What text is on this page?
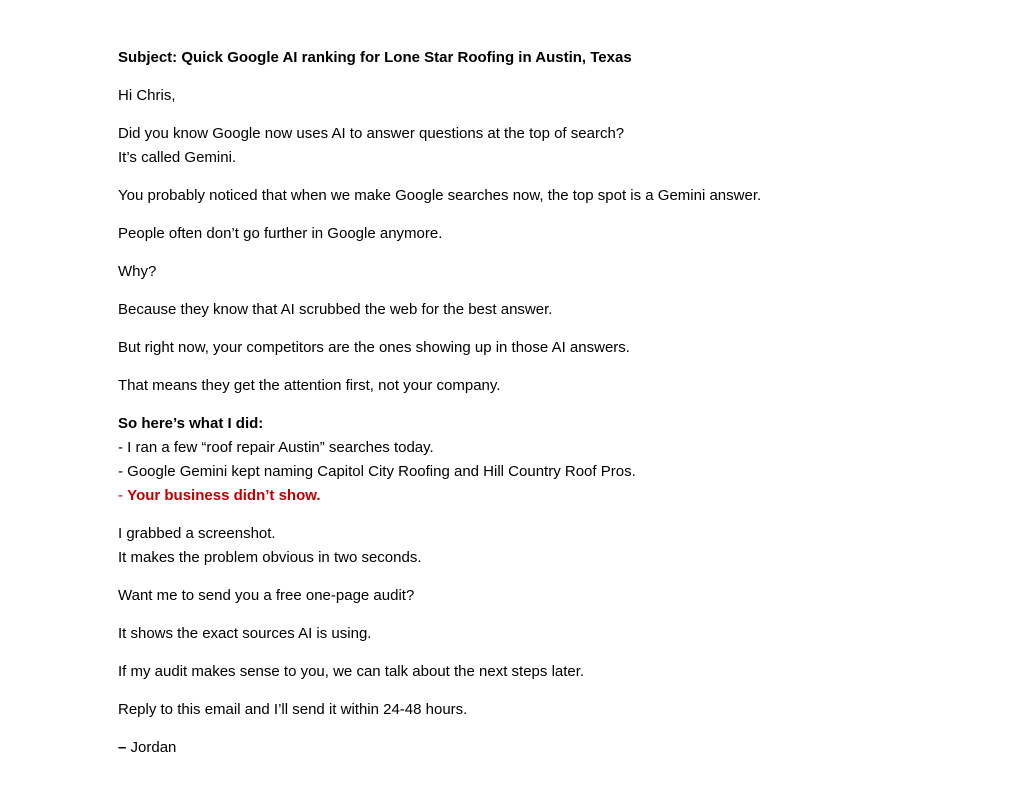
Subject: Quick Google AI ranking for Lone Star Roofing in Austin, Texas

Hi Chris,

Did you know Google now uses AI to answer questions at the top of search?
It’s called Gemini.

You probably noticed that when we make Google searches now, the top spot is a Gemini answer.

People often don’t go further in Google anymore.

Why?

Because they know that AI scrubbed the web for the best answer.

But right now, your competitors are the ones showing up in those AI answers.

That means they get the attention first, not your company.

So here’s what I did:
- I ran a few “roof repair Austin” searches today.
- Google Gemini kept naming Capitol City Roofing and Hill Country Roof Pros.
- Your business didn’t show.

I grabbed a screenshot.
It makes the problem obvious in two seconds.

Want me to send you a free one-page audit?

It shows the exact sources AI is using.

If my audit makes sense to you, we can talk about the next steps later.

Reply to this email and I’ll send it within 24-48 hours.

– Jordan
